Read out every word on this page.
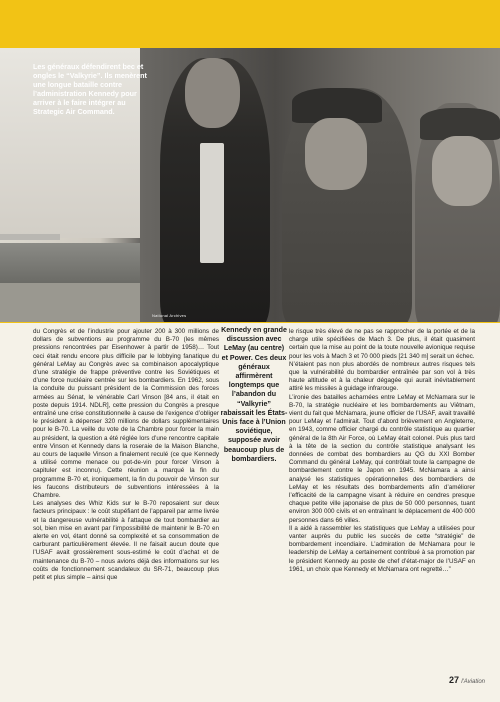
Les généraux défendirent bec et ongles le “Valkyrie”. Ils menèrent une longue bataille contre l’administration Kennedy pour arriver à le faire intégrer au Strategic Air Command.
National Archives

du Congrès et de l’industrie pour ajouter 200 à 300 millions de dollars de subventions au programme du B-70 (les mêmes pressions rencontrées par Eisenhower à partir de 1958)… Tout ceci était rendu encore plus difficile par le lobbying fanatique du général LeMay au Congrès avec sa combinaison apocalyptique d’une stratégie de frappe préventive contre les Soviétiques et d’une force nucléaire centrée sur les bombardiers. En 1962, sous la conduite du puissant président de la Commission des forces armées au Sénat, le vénérable Carl Vinson [84 ans, il était en poste depuis 1914. NDLR], cette pression du Congrès a presque entraîné une crise constitutionnelle à cause de l’exigence d’obliger le président à dépenser 320 millions de dollars supplémentaires pour le B-70. La veille du vote de la Chambre pour forcer la main au président, la question a été réglée lors d’une rencontre capitale entre Vinson et Kennedy dans la roseraie de la Maison Blanche, au cours de laquelle Vinson a finalement reculé (ce que Kennedy a utilisé comme menace ou pot-de-vin pour forcer Vinson à capituler est inconnu). Cette réunion a marqué la fin du programme B-70 et, ironiquement, la fin du pouvoir de Vinson sur les faucons distributeurs de subventions intéressées à la Chambre.

Les analyses des Whiz Kids sur le B-70 reposaient sur deux facteurs principaux : le coût stupéfiant de l’appareil par arme livrée et la dangereuse vulnérabilité à l’attaque de tout bombardier au sol, bien mise en avant par l’impossibilité de maintenir le B-70 en alerte en vol, étant donné sa complexité et sa consommation de carburant particulièrement élevée. Il ne faisait aucun doute que l’USAF avait grossièrement sous-estimé le coût d’achat et de maintenance du B-70 – nous avions déjà des informations sur les coûts de fonctionnement scandaleux du SR-71, beaucoup plus petit et plus simple – ainsi que

Kennedy en grande discussion avec LeMay (au centre) et Power. Ces deux généraux affirmèrent longtemps que l’abandon du “Valkyrie” rabaissait les États-Unis face à l’Union soviétique, supposée avoir beaucoup plus de bombardiers.

le risque très élevé de ne pas se rapprocher de la portée et de la charge utile spécifiées de Mach 3. De plus, il était quasiment certain que la mise au point de la toute nouvelle avionique requise pour les vols à Mach 3 et 70 000 pieds [21 340 m] serait un échec.

N’étaient pas non plus abordés de nombreux autres risques tels que la vulnérabilité du bombardier entraînée par son vol à très haute altitude et à la chaleur dégagée qui aurait inévitablement attiré les missiles à guidage infrarouge.

L’ironie des batailles acharnées entre LeMay et McNamara sur le B-70, la stratégie nucléaire et les bombardements au Viêtnam, vient du fait que McNamara, jeune officier de l’USAF, avait travaillé pour LeMay et l’admirait. Tout d’abord brièvement en Angleterre, en 1943, comme officier chargé du contrôle statistique au quartier général de la 8th Air Force, où LeMay était colonel. Puis plus tard à la tête de la section du contrôle statistique analysant les données de combat des bombardiers au QG du XXI Bomber Command du général LeMay, qui contrôlait toute la campagne de bombardement contre le Japon en 1945. McNamara a ainsi analysé les statistiques opérationnelles des bombardiers de LeMay et les résultats des bombardements afin d’améliorer l’efficacité de la campagne visant à réduire en cendres presque chaque petite ville japonaise de plus de 50 000 personnes, tuant environ 300 000 civils et en entraînant le déplacement de 400 000 personnes dans 66 villes.

Il a aidé à rassembler les statistiques que LeMay a utilisées pour vanter auprès du public les succès de cette “stratégie” de bombardement incendiaire. L’admiration de McNamara pour le leadership de LeMay a certainement contribué à sa promotion par le président Kennedy au poste de chef d’état-major de l’USAF en 1961, un choix que Kennedy et McNamara ont regretté…”

27 l'Aviation
